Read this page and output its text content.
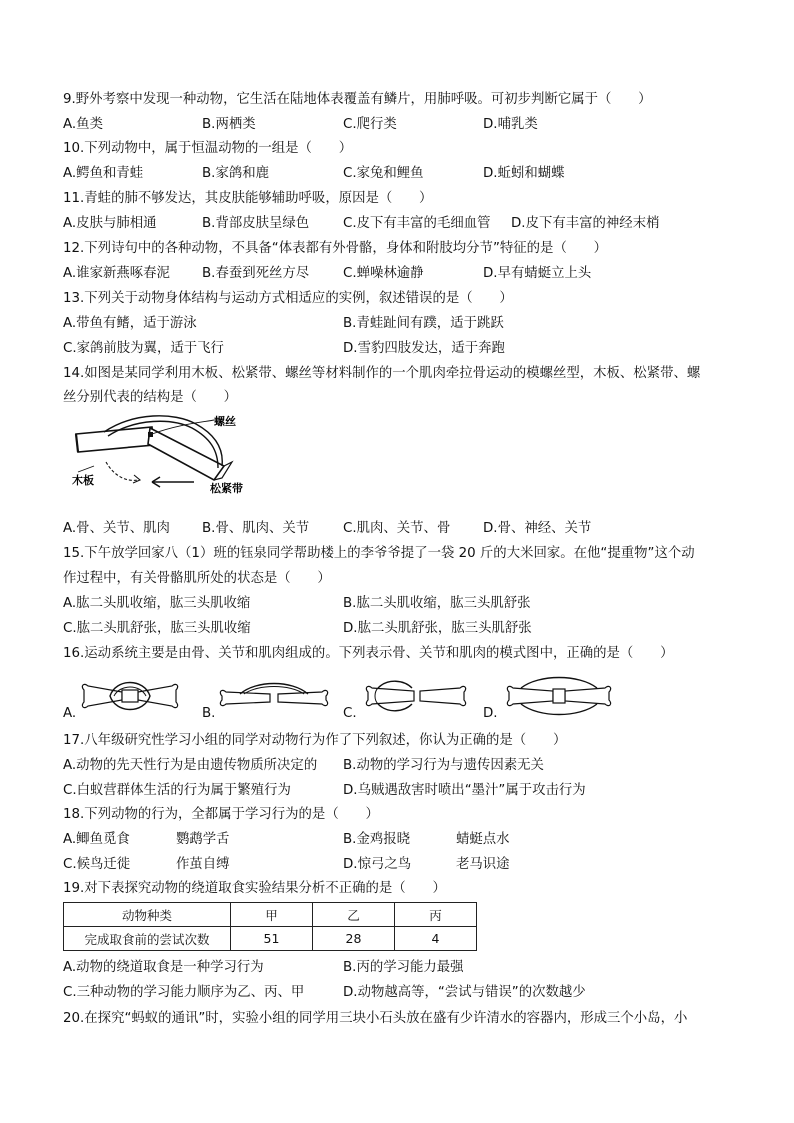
9.野外考察中发现一种动物，它生活在陆地体表覆盖有鳞片，用肺呼吸。可初步判断它属于（　　）
A.鱼类	B.两栖类	C.爬行类	D.哺乳类
10.下列动物中，属于恒温动物的一组是（　　）
A.鳄鱼和青蛙	B.家鸽和鹿	C.家兔和鲤鱼	D.蚯蚓和蝴蝶
11.青蛙的肺不够发达，其皮肤能够辅助呼吸，原因是（　　）
A.皮肤与肺相通	B.背部皮肤呈绿色	C.皮下有丰富的毛细血管 D.皮下有丰富的神经末梢
12.下列诗句中的各种动物，不具备“体表都有外骨骼，身体和附肢均分节”特征的是（　　）
A.谁家新燕啄春泥 B.春蚕到死丝方尽	C.蝉噪林逾静	D.早有蜻蜓立上头
13.下列关于动物身体结构与运动方式相适应的实例，叙述错误的是（　　）
A.带鱼有鳍，适于游泳	B.青蛙趾间有蹼，适于跳跃
C.家鸽前肢为翼，适于飞行	D.雪豹四肢发达，适于奔跑
14.如图是某同学利用木板、松紧带、螺丝等材料制作的一个肌肉牵拉骨运动的模螺丝型，木板、松紧带、螺
丝分别代表的结构是（　　）
螺丝
木板
松紧带
A.骨、关节、肌肉 B.骨、肌肉、关节	C.肌肉、关节、骨 D.骨、神经、关节
15.下午放学回家八（1）班的钰泉同学帮助楼上的李爷爷提了一袋 20 斤的大米回家。在他“提重物”这个动
作过程中，有关骨骼肌所处的状态是（　　）
A.肱二头肌收缩，肱三头肌收缩	B.肱二头肌收缩，肱三头肌舒张
C.肱二头肌舒张，肱三头肌收缩	D.肱二头肌舒张，肱三头肌舒张
16.运动系统主要是由骨、关节和肌肉组成的。下列表示骨、关节和肌肉的模式图中，正确的是（　　）
A.	B.	C.	D.
17.八年级研究性学习小组的同学对动物行为作了下列叙述，你认为正确的是（　　）
A.动物的先天性行为是由遗传物质所决定的 B.动物的学习行为与遗传因素无关
C.白蚁营群体生活的行为属于繁殖行为	D.乌贼遇敌害时喷出“墨汁”属于攻击行为
18.下列动物的行为，全都属于学习行为的是（　　）
A.鲫鱼觅食	鹦鹉学舌	B.金鸡报晓	蜻蜓点水
C.候鸟迁徙	作茧自缚	D.惊弓之鸟	老马识途
19.对下表探究动物的绕道取食实验结果分析不正确的是（　　）
动物种类	甲	乙	丙
完成取食前的尝试次数	51	28	4
A.动物的绕道取食是一种学习行为	B.丙的学习能力最强
C.三种动物的学习能力顺序为乙、丙、甲	D.动物越高等，“尝试与错误”的次数越少
20.在探究“蚂蚁的通讯”时，实验小组的同学用三块小石头放在盛有少许清水的容器内，形成三个小岛，小
